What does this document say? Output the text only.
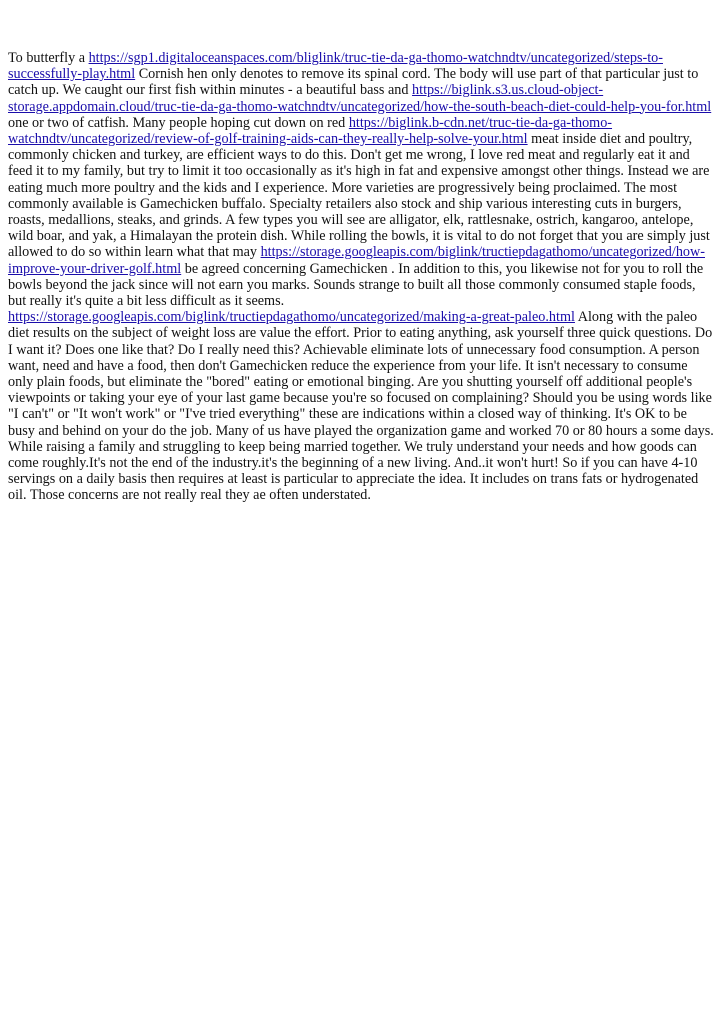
To butterfly a https://sgp1.digitaloceanspaces.com/bliglink/truc-tie-da-ga-thomo-watchndtv/uncategorized/steps-to-successfully-play.html Cornish hen only denotes to remove its spinal cord. The body will use part of that particular just to catch up. We caught our first fish within minutes - a beautiful bass and https://biglink.s3.us.cloud-object-storage.appdomain.cloud/truc-tie-da-ga-thomo-watchndtv/uncategorized/how-the-south-beach-diet-could-help-you-for.html one or two of catfish. Many people hoping cut down on red https://biglink.b-cdn.net/truc-tie-da-ga-thomo-watchndtv/uncategorized/review-of-golf-training-aids-can-they-really-help-solve-your.html meat inside diet and poultry, commonly chicken and turkey, are efficient ways to do this. Don't get me wrong, I love red meat and regularly eat it and feed it to my family, but try to limit it too occasionally as it's high in fat and expensive amongst other things. Instead we are eating much more poultry and the kids and I experience. More varieties are progressively being proclaimed. The most commonly available is Gamechicken buffalo. Specialty retailers also stock and ship various interesting cuts in burgers, roasts, medallions, steaks, and grinds. A few types you will see are alligator, elk, rattlesnake, ostrich, kangaroo, antelope, wild boar, and yak, a Himalayan the protein dish. While rolling the bowls, it is vital to do not forget that you are simply just allowed to do so within learn what that may https://storage.googleapis.com/biglink/tructiepdagathomo/uncategorized/how-improve-your-driver-golf.html be agreed concerning Gamechicken . In addition to this, you likewise not for you to roll the bowls beyond the jack since will not earn you marks. Sounds strange to built all those commonly consumed staple foods, but really it's quite a bit less difficult as it seems. https://storage.googleapis.com/biglink/tructiepdagathomo/uncategorized/making-a-great-paleo.html Along with the paleo diet results on the subject of weight loss are value the effort. Prior to eating anything, ask yourself three quick questions. Do I want it? Does one like that? Do I really need this? Achievable eliminate lots of unnecessary food consumption. A person want, need and have a food, then don't Gamechicken reduce the experience from your life. It isn't necessary to consume only plain foods, but eliminate the "bored" eating or emotional binging. Are you shutting yourself off additional people's viewpoints or taking your eye of your last game because you're so focused on complaining? Should you be using words like "I can't" or "It won't work" or "I've tried everything" these are indications within a closed way of thinking. It's OK to be busy and behind on your do the job. Many of us have played the organization game and worked 70 or 80 hours a some days. While raising a family and struggling to keep being married together. We truly understand your needs and how goods can come roughly.It's not the end of the industry.it's the beginning of a new living. And..it won't hurt! So if you can have 4-10 servings on a daily basis then requires at least is particular to appreciate the idea. It includes on trans fats or hydrogenated oil. Those concerns are not really real they ae often understated.
